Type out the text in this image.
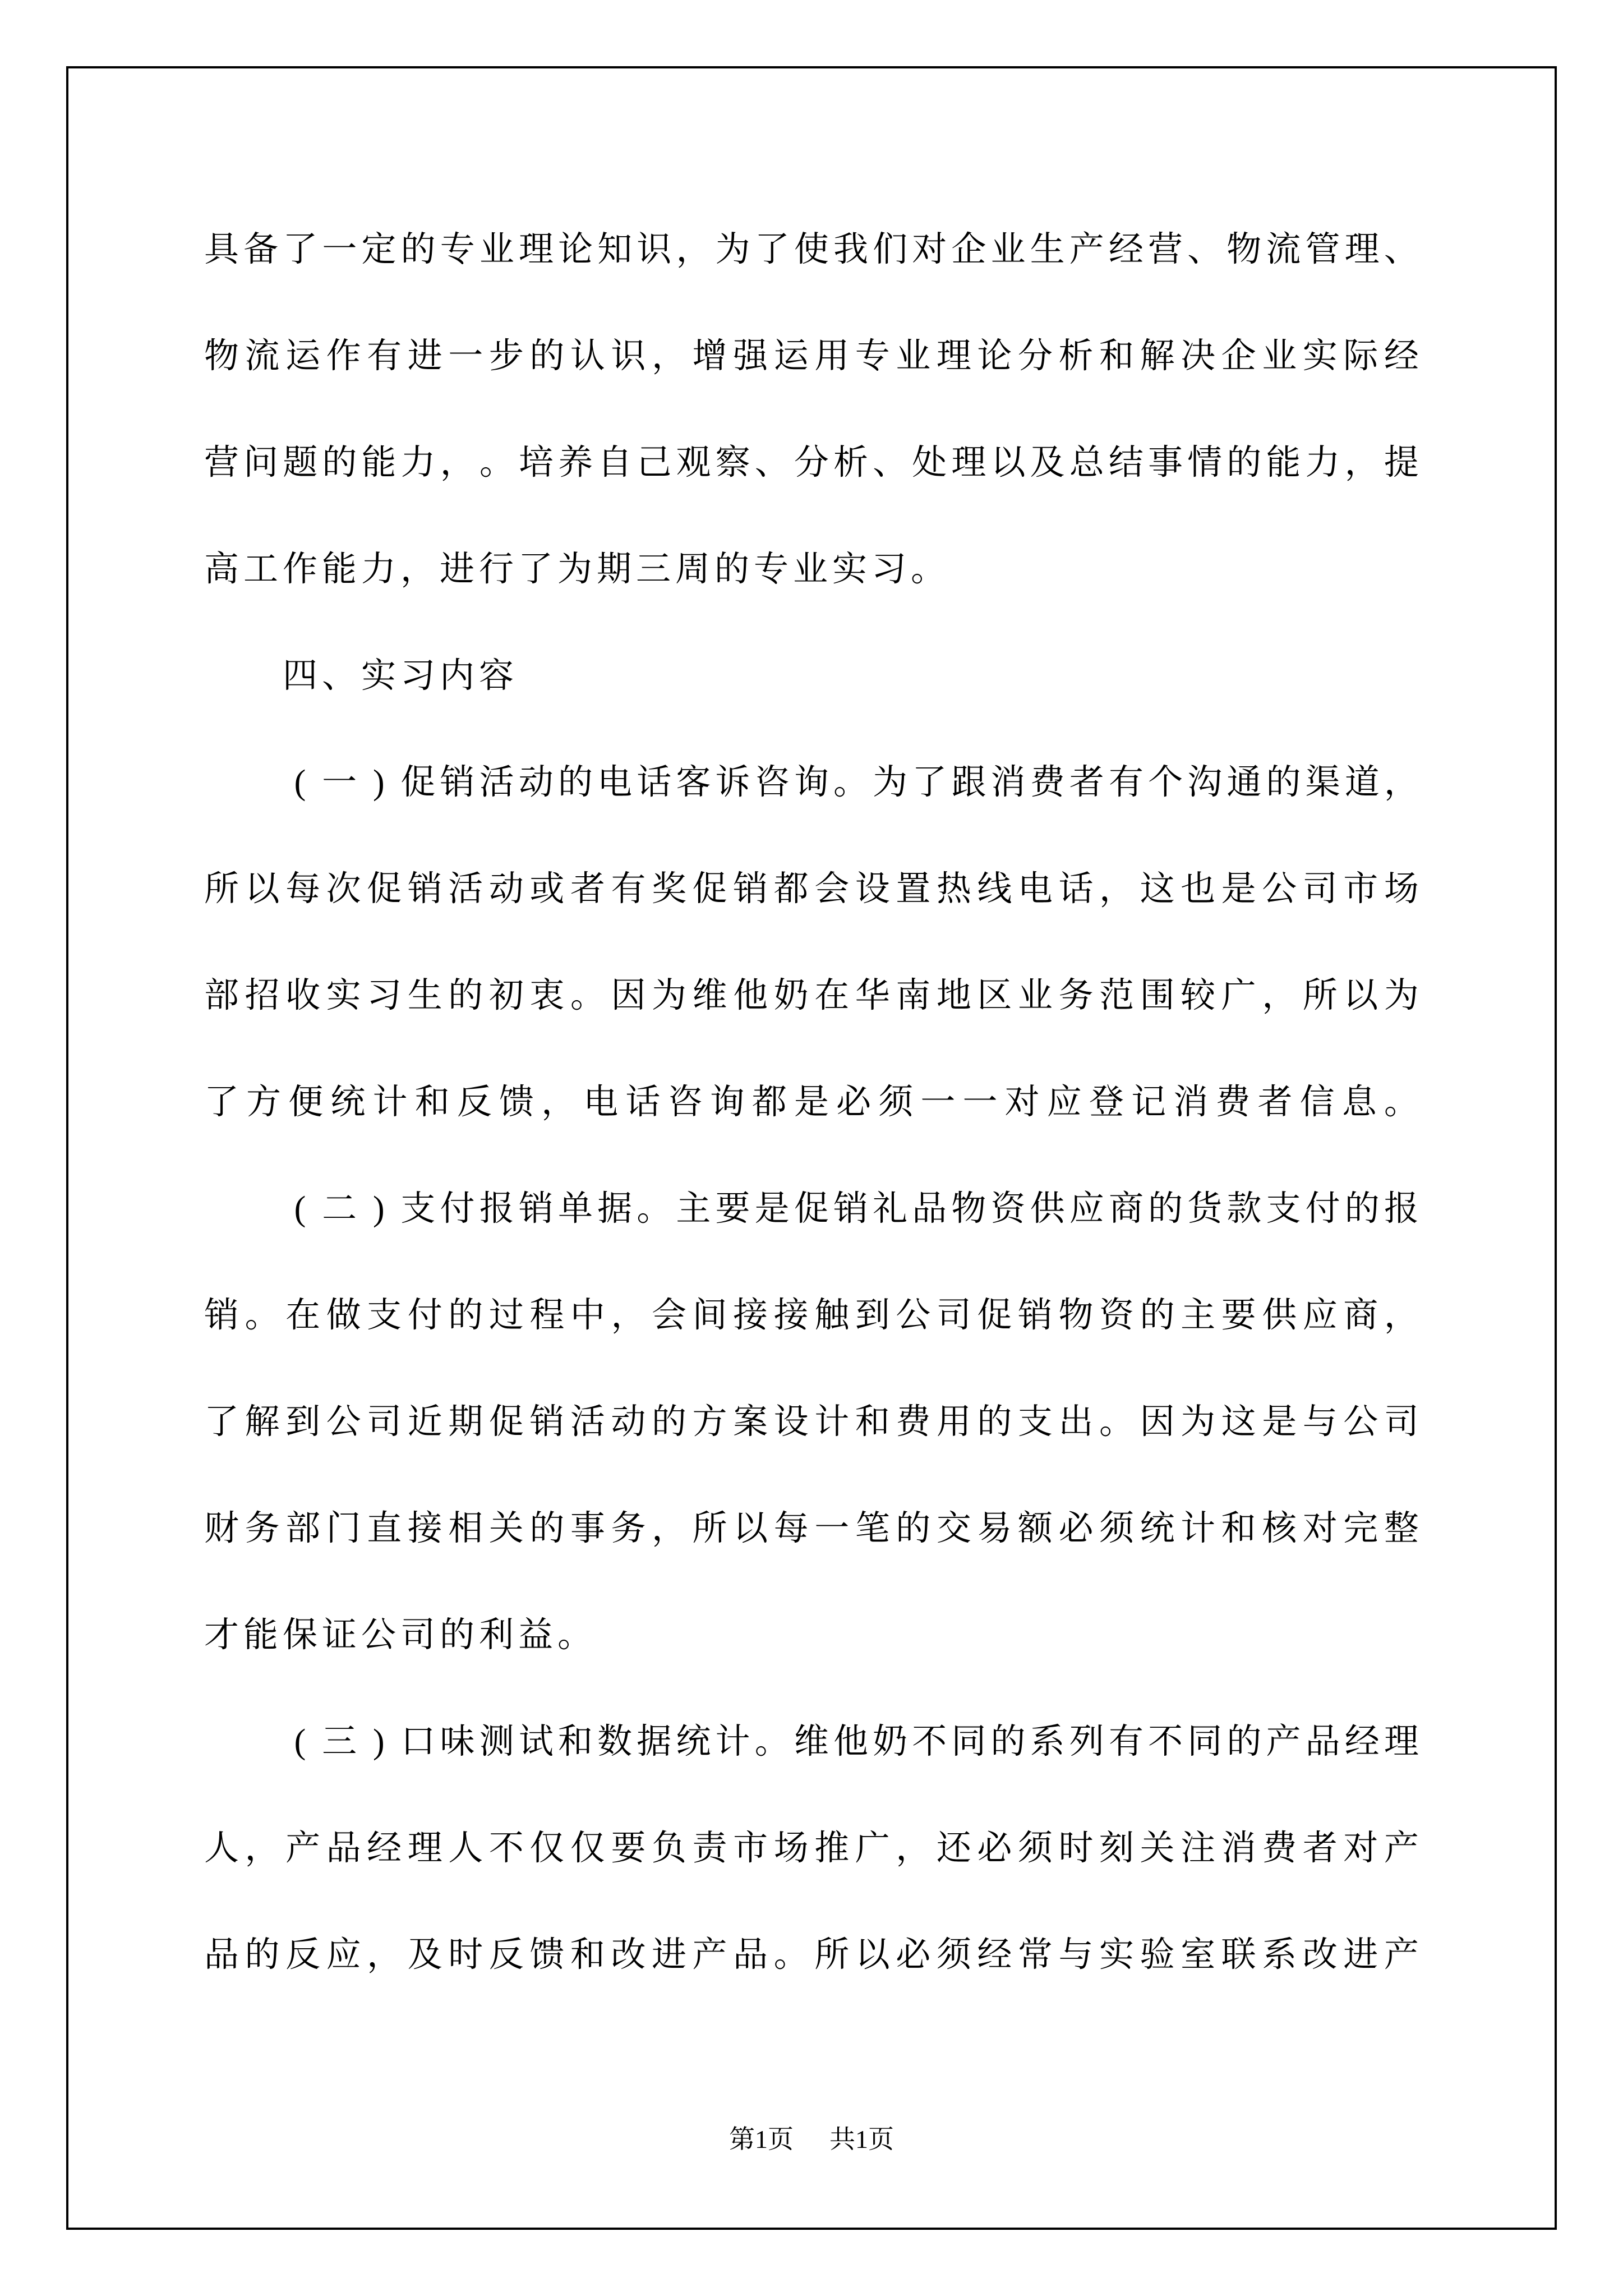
具 备 了 一 定 的 专 业 理 论 知 识 ， 为 了 使 我 们 对 企 业 生 产 经 营 、 物 流 管 理 、
物 流 运 作 有 进 一 步 的 认 识 ， 增 强 运 用 专 业 理 论 分 析 和 解 决 企 业 实 际 经
营 问 题 的 能 力 ， 。 培 养 自 己 观 察 、 分 析 、 处 理 以 及 总 结 事 情 的 能 力 ， 提
高 工 作 能 力 ， 进 行 了 为 期 三 周 的 专 业 实 习 。
四 、 实 习 内 容
( 一 ) 促 销 活 动 的 电 话 客 诉 咨 询 。 为 了 跟 消 费 者 有 个 沟 通 的 渠 道 ，
所 以 每 次 促 销 活 动 或 者 有 奖 促 销 都 会 设 置 热 线 电 话 ， 这 也 是 公 司 市 场
部 招 收 实 习 生 的 初 衷 。 因 为 维 他 奶 在 华 南 地 区 业 务 范 围 较 广 ， 所 以 为
了 方 便 统 计 和 反 馈 ， 电 话 咨 询 都 是 必 须 一 一 对 应 登 记 消 费 者 信 息 。
( 二 ) 支 付 报 销 单 据 。 主 要 是 促 销 礼 品 物 资 供 应 商 的 货 款 支 付 的 报
销 。 在 做 支 付 的 过 程 中 ， 会 间 接 接 触 到 公 司 促 销 物 资 的 主 要 供 应 商 ，
了 解 到 公 司 近 期 促 销 活 动 的 方 案 设 计 和 费 用 的 支 出 。 因 为 这 是 与 公 司
财 务 部 门 直 接 相 关 的 事 务 ， 所 以 每 一 笔 的 交 易 额 必 须 统 计 和 核 对 完 整
才 能 保 证 公 司 的 利 益 。
( 三 ) 口 味 测 试 和 数 据 统 计 。 维 他 奶 不 同 的 系 列 有 不 同 的 产 品 经 理
人 ， 产 品 经 理 人 不 仅 仅 要 负 责 市 场 推 广 ， 还 必 须 时 刻 关 注 消 费 者 对 产
品 的 反 应 ， 及 时 反 馈 和 改 进 产 品 。 所 以 必 须 经 常 与 实 验 室 联 系 改 进 产
第1页 共1页
